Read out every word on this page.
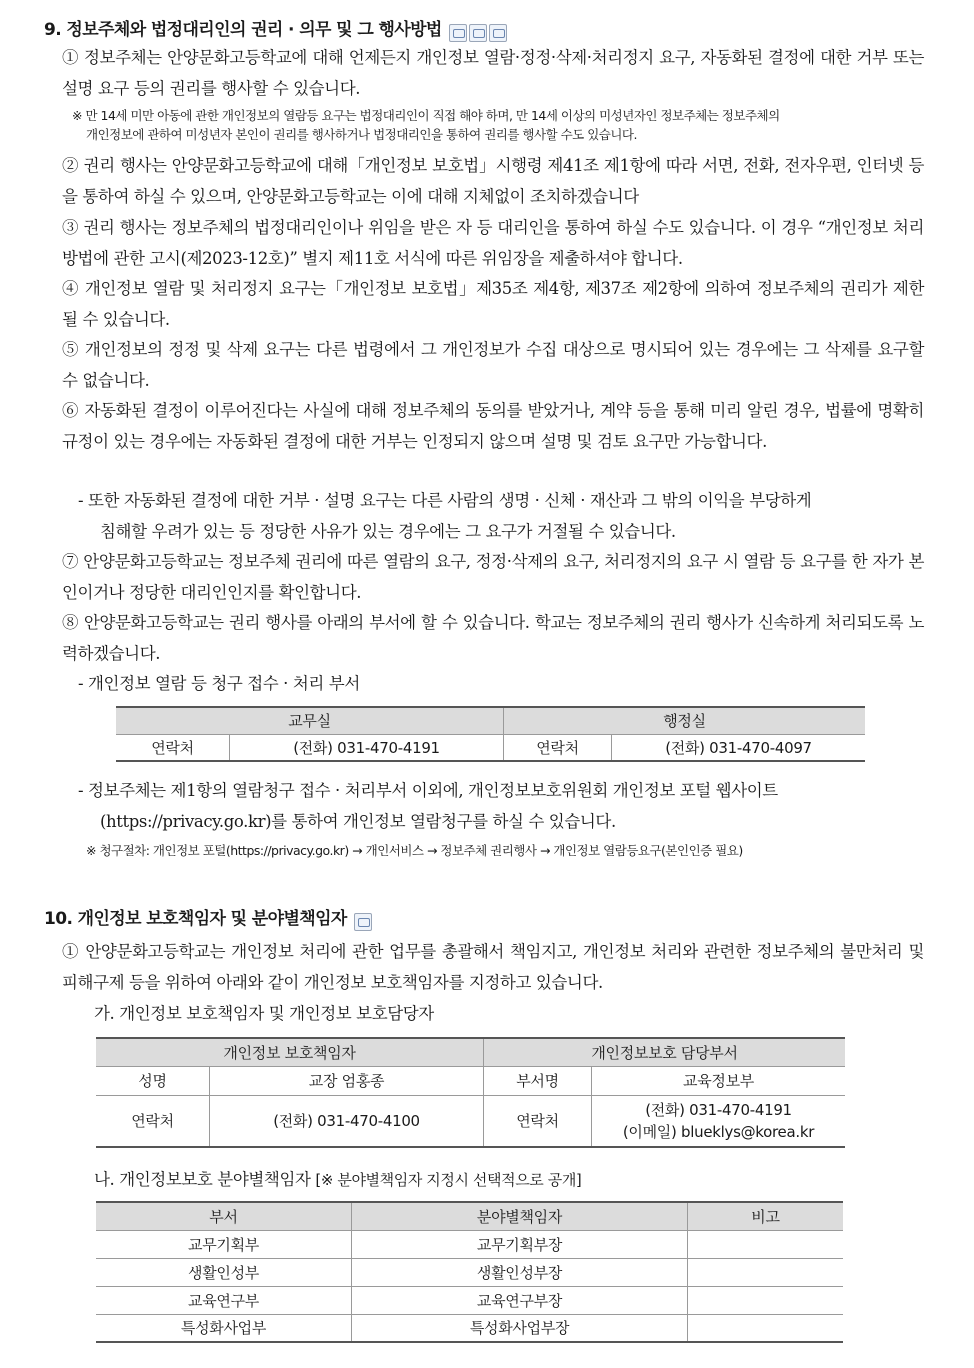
9. 정보주체와 법정대리인의 권리 · 의무 및 그 행사방법

① 정보주체는 안양문화고등학교에 대해 언제든지 개인정보 열람·정정·삭제·처리정지 요구, 자동화된 결정에 대한 거부 또는 설명 요구 등의 권리를 행사할 수 있습니다.

※ 만 14세 미만 아동에 관한 개인정보의 열람등 요구는 법정대리인이 직접 해야 하며, 만 14세 이상의 미성년자인 정보주체는 정보주체의
개인정보에 관하여 미성년자 본인이 권리를 행사하거나 법정대리인을 통하여 권리를 행사할 수도 있습니다.

② 권리 행사는 안양문화고등학교에 대해「개인정보 보호법」시행령 제41조 제1항에 따라 서면, 전화, 전자우편, 인터넷 등을 통하여 하실 수 있으며, 안양문화고등학교는 이에 대해 지체없이 조치하겠습니다

③ 권리 행사는 정보주체의 법정대리인이나 위임을 받은 자 등 대리인을 통하여 하실 수도 있습니다. 이 경우 “개인정보 처리 방법에 관한 고시(제2023-12호)” 별지 제11호 서식에 따른 위임장을 제출하셔야 합니다.

④ 개인정보 열람 및 처리정지 요구는「개인정보 보호법」제35조 제4항, 제37조 제2항에 의하여 정보주체의 권리가 제한 될 수 있습니다.

⑤ 개인정보의 정정 및 삭제 요구는 다른 법령에서 그 개인정보가 수집 대상으로 명시되어 있는 경우에는 그 삭제를 요구할 수 없습니다.

⑥ 자동화된 결정이 이루어진다는 사실에 대해 정보주체의 동의를 받았거나, 계약 등을 통해 미리 알린 경우, 법률에 명확히 규정이 있는 경우에는 자동화된 결정에 대한 거부는 인정되지 않으며 설명 및 검토 요구만 가능합니다.

- 또한 자동화된 결정에 대한 거부 · 설명 요구는 다른 사람의 생명 · 신체 · 재산과 그 밖의 이익을 부당하게
침해할 우려가 있는 등 정당한 사유가 있는 경우에는 그 요구가 거절될 수 있습니다.

⑦ 안양문화고등학교는 정보주체 권리에 따른 열람의 요구, 정정·삭제의 요구, 처리정지의 요구 시 열람 등 요구를 한 자가 본인이거나 정당한 대리인인지를 확인합니다.

⑧ 안양문화고등학교는 권리 행사를 아래의 부서에 할 수 있습니다. 학교는 정보주체의 권리 행사가 신속하게 처리되도록 노력하겠습니다.

- 개인정보 열람 등 청구 접수 · 처리 부서
교무실		행정실	
연락처	(전화) 031-470-4191	연락처	(전화) 031-470-4097
- 정보주체는 제1항의 열람청구 접수 · 처리부서 이외에, 개인정보보호위원회 개인정보 포털 웹사이트
(https://privacy.go.kr)를 통하여 개인정보 열람청구를 하실 수 있습니다.
※ 청구절차: 개인정보 포털(https://privacy.go.kr) → 개인서비스 → 정보주체 권리행사 → 개인정보 열람등요구(본인인증 필요)
10. 개인정보 보호책임자 및 분야별책임자

① 안양문화고등학교는 개인정보 처리에 관한 업무를 총괄해서 책임지고, 개인정보 처리와 관련한 정보주체의 불만처리 및 피해구제 등을 위하여 아래와 같이 개인정보 보호책임자를 지정하고 있습니다.

가. 개인정보 보호책임자 및 개인정보 보호담당자
개인정보 보호책임자		개인정보보호 담당부서	
성명	교장 엄홍종	부서명	교육정보부
연락처	(전화) 031-470-4100	연락처	(전화) 031-470-4191
(이메일) blueklys@korea.kr
나. 개인정보보호 분야별책임자 [※ 분야별책임자 지정시 선택적으로 공개]
부서	분야별책임자	비고
교무기획부	교무기획부장	
생활인성부	생활인성부장	
교육연구부	교육연구부장	
특성화사업부	특성화사업부장	
